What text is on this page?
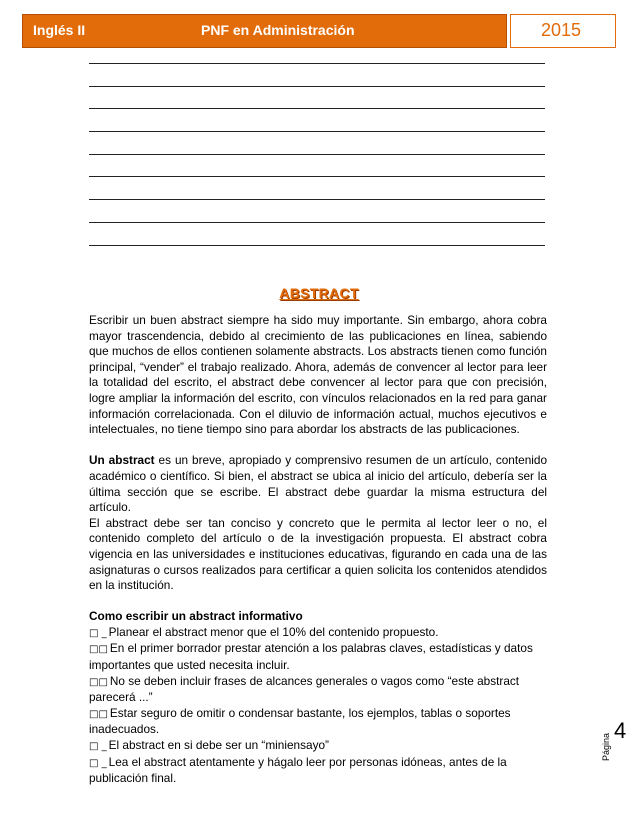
Inglés II	PNF en Administración	2015
ABSTRACT

Escribir un buen abstract siempre ha sido muy importante. Sin embargo, ahora cobra mayor trascendencia, debido al crecimiento de las publicaciones en línea, sabiendo que muchos de ellos contienen solamente abstracts. Los abstracts tienen como función principal, “vender” el trabajo realizado. Ahora, además de convencer al lector para leer la totalidad del escrito, el abstract debe convencer al lector para que con precisión, logre ampliar la información del escrito, con vínculos relacionados en la red para ganar información correlacionada. Con el diluvio de información actual, muchos ejecutivos e intelectuales, no tiene tiempo sino para abordar los abstracts de las publicaciones.

Un abstract es un breve, apropiado y comprensivo resumen de un artículo, contenido académico o científico. Si bien, el abstract se ubica al inicio del artículo, debería ser la última sección que se escribe. El abstract debe guardar la misma estructura del artículo.

El abstract debe ser tan conciso y concreto que le permita al lector leer o no, el contenido completo del artículo o de la investigación propuesta. El abstract cobra vigencia en las universidades e instituciones educativas, figurando en cada una de las asignaturas o cursos realizados para certificar a quien solicita los contenidos atendidos en la institución.

Como escribir un abstract informativo
□ _ Planear el abstract menor que el 10% del contenido propuesto.
□□ En el primer borrador prestar atención a los palabras claves, estadísticas y datos importantes que usted necesita incluir.
□□ No se deben incluir frases de alcances generales o vagos como “este abstract parecerá ...”
□□ Estar seguro de omitir o condensar bastante, los ejemplos, tablas o soportes inadecuados.
□ _ El abstract en si debe ser un “miniensayo”
□ _ Lea el abstract atentamente y hágalo leer por personas idóneas, antes de la publicación final.
Página
4
